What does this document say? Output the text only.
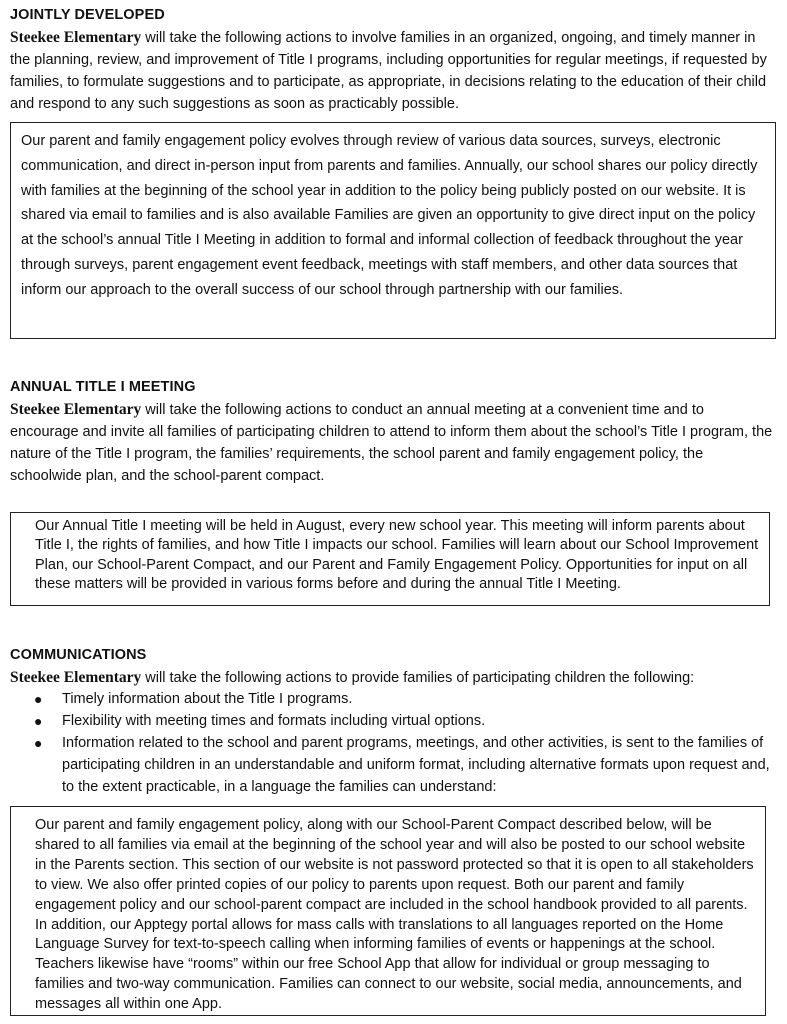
JOINTLY DEVELOPED
Steekee Elementary will take the following actions to involve families in an organized, ongoing, and timely manner in the planning, review, and improvement of Title I programs, including opportunities for regular meetings, if requested by families, to formulate suggestions and to participate, as appropriate, in decisions relating to the education of their child and respond to any such suggestions as soon as practicably possible.

Our parent and family engagement policy evolves through review of various data sources, surveys, electronic communication, and direct in-person input from parents and families. Annually, our school shares our policy directly with families at the beginning of the school year in addition to the policy being publicly posted on our website. It is shared via email to families and is also available Families are given an opportunity to give direct input on the policy at the school’s annual Title I Meeting in addition to formal and informal collection of feedback throughout the year through surveys, parent engagement event feedback, meetings with staff members, and other data sources that inform our approach to the overall success of our school through partnership with our families.

ANNUAL TITLE I MEETING
Steekee Elementary will take the following actions to conduct an annual meeting at a convenient time and to encourage and invite all families of participating children to attend to inform them about the school’s Title I program, the nature of the Title I program, the families’ requirements, the school parent and family engagement policy, the schoolwide plan, and the school-parent compact.

Our Annual Title I meeting will be held in August, every new school year. This meeting will inform parents about Title I, the rights of families, and how Title I impacts our school. Families will learn about our School Improvement Plan, our School-Parent Compact, and our Parent and Family Engagement Policy. Opportunities for input on all these matters will be provided in various forms before and during the annual Title I Meeting.

COMMUNICATIONS
Steekee Elementary will take the following actions to provide families of participating children the following:
● Timely information about the Title I programs.
● Flexibility with meeting times and formats including virtual options.
● Information related to the school and parent programs, meetings, and other activities, is sent to the families of participating children in an understandable and uniform format, including alternative formats upon request and, to the extent practicable, in a language the families can understand:

Our parent and family engagement policy, along with our School-Parent Compact described below, will be shared to all families via email at the beginning of the school year and will also be posted to our school website in the Parents section. This section of our website is not password protected so that it is open to all stakeholders to view. We also offer printed copies of our policy to parents upon request. Both our parent and family engagement policy and our school-parent compact are included in the school handbook provided to all parents. In addition, our Apptegy portal allows for mass calls with translations to all languages reported on the Home Language Survey for text-to-speech calling when informing families of events or happenings at the school. Teachers likewise have “rooms” within our free School App that allow for individual or group messaging to families and two-way communication. Families can connect to our website, social media, announcements, and messages all within one App.
